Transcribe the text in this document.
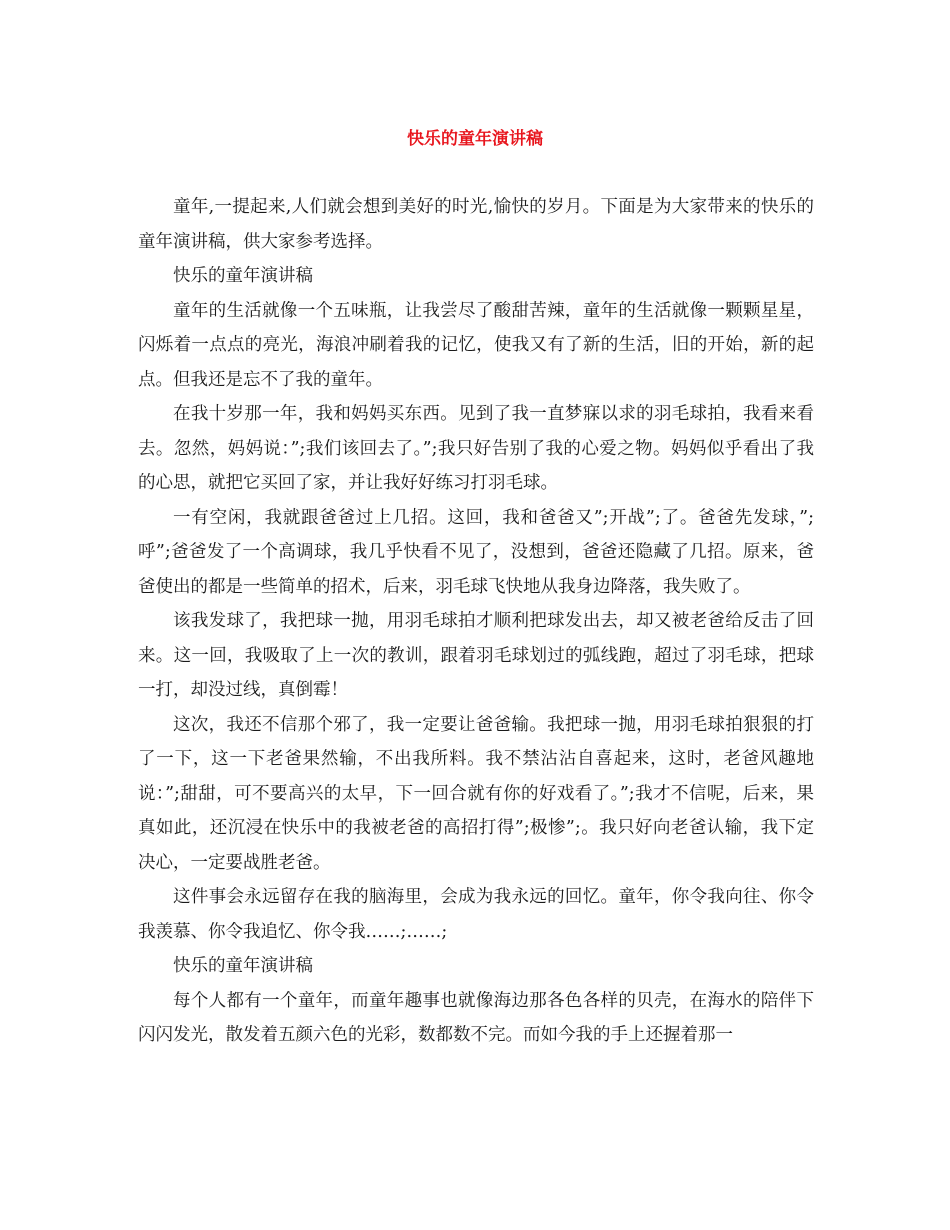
快乐的童年演讲稿

童年,一提起来,人们就会想到美好的时光,愉快的岁月。下面是为大家带来的快乐的童年演讲稿，供大家参考选择。

快乐的童年演讲稿

童年的生活就像一个五味瓶，让我尝尽了酸甜苦辣，童年的生活就像一颗颗星星，闪烁着一点点的亮光，海浪冲刷着我的记忆，使我又有了新的生活，旧的开始，新的起点。但我还是忘不了我的童年。

在我十岁那一年，我和妈妈买东西。见到了我一直梦寐以求的羽毛球拍，我看来看去。忽然，妈妈说：”;我们该回去了。”;我只好告别了我的心爱之物。妈妈似乎看出了我的心思，就把它买回了家，并让我好好练习打羽毛球。

一有空闲，我就跟爸爸过上几招。这回，我和爸爸又”;开战”;了。爸爸先发球，”;呼”;爸爸发了一个高调球，我几乎快看不见了，没想到，爸爸还隐藏了几招。原来，爸爸使出的都是一些简单的招术，后来，羽毛球飞快地从我身边降落，我失败了。

该我发球了，我把球一抛，用羽毛球拍才顺利把球发出去，却又被老爸给反击了回来。这一回，我吸取了上一次的教训，跟着羽毛球划过的弧线跑，超过了羽毛球，把球一打，却没过线，真倒霉！

这次，我还不信那个邪了，我一定要让爸爸输。我把球一抛，用羽毛球拍狠狠的打了一下，这一下老爸果然输，不出我所料。我不禁沾沾自喜起来，这时，老爸风趣地说：”;甜甜，可不要高兴的太早，下一回合就有你的好戏看了。”;我才不信呢，后来，果真如此，还沉浸在快乐中的我被老爸的高招打得”;极惨”;。我只好向老爸认输，我下定决心，一定要战胜老爸。

这件事会永远留存在我的脑海里，会成为我永远的回忆。童年，你令我向往、你令我羡慕、你令我追忆、你令我……;……;

快乐的童年演讲稿

每个人都有一个童年，而童年趣事也就像海边那各色各样的贝壳，在海水的陪伴下闪闪发光，散发着五颜六色的光彩，数都数不完。而如今我的手上还握着那一
